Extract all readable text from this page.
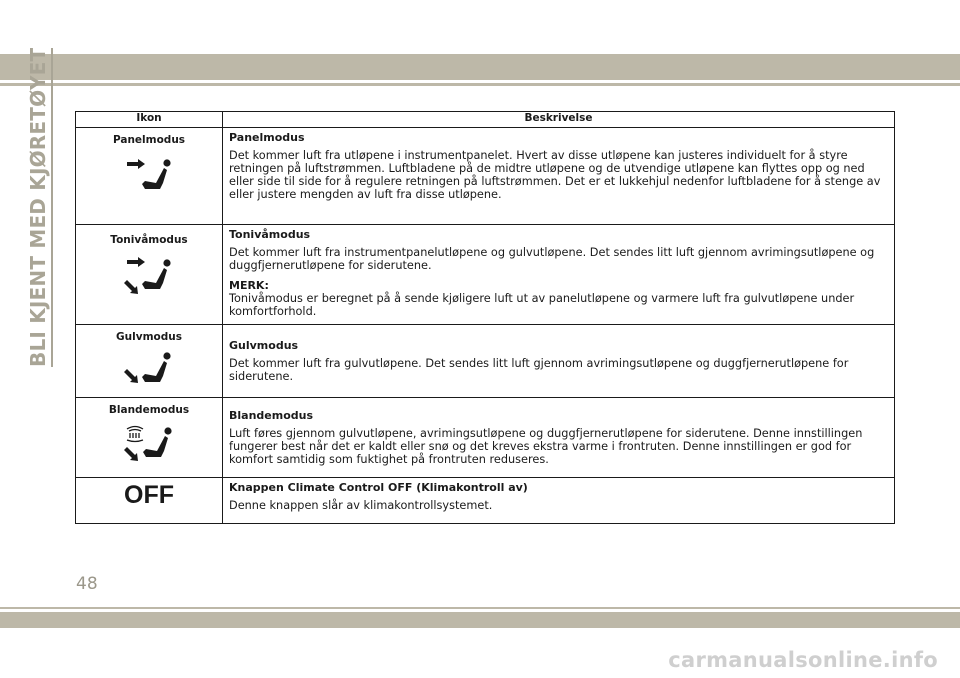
BLI KJENT MED KJØRETØYET	Ikon	Beskrivelse

Panelmodus	Panelmodus
Det kommer luft fra utløpene i instrumentpanelet. Hvert av disse utløpene kan justeres individuelt for å styre retningen på luftstrømmen. Luftbladene på de midtre utløpene og de utvendige utløpene kan flyttes opp og ned eller side til side for å regulere retningen på luftstrømmen. Det er et lukkehjul nedenfor luftbladene for å stenge av eller justere mengden av luft fra disse utløpene.

Tonivåmodus	Tonivåmodus
Det kommer luft fra instrumentpanelutløpene og gulvutløpene. Det sendes litt luft gjennom avrimingsutløpene og duggfjernerutløpene for siderutene.
MERK:
Tonivåmodus er beregnet på å sende kjøligere luft ut av panelutløpene og varmere luft fra gulvutløpene under komfortforhold.

Gulvmodus	Gulvmodus
Det kommer luft fra gulvutløpene. Det sendes litt luft gjennom avrimingsutløpene og duggfjernerutløpene for siderutene.

Blandemodus	Blandemodus
Luft føres gjennom gulvutløpene, avrimingsutløpene og duggfjernerutløpene for siderutene. Denne innstillingen fungerer best når det er kaldt eller snø og det kreves ekstra varme i frontruten. Denne innstillingen er god for komfort samtidig som fuktighet på frontruten reduseres.

OFF	Knappen Climate Control OFF (Klimakontroll av)
Denne knappen slår av klimakontrollsystemet.
48
carmanualsonline.info
